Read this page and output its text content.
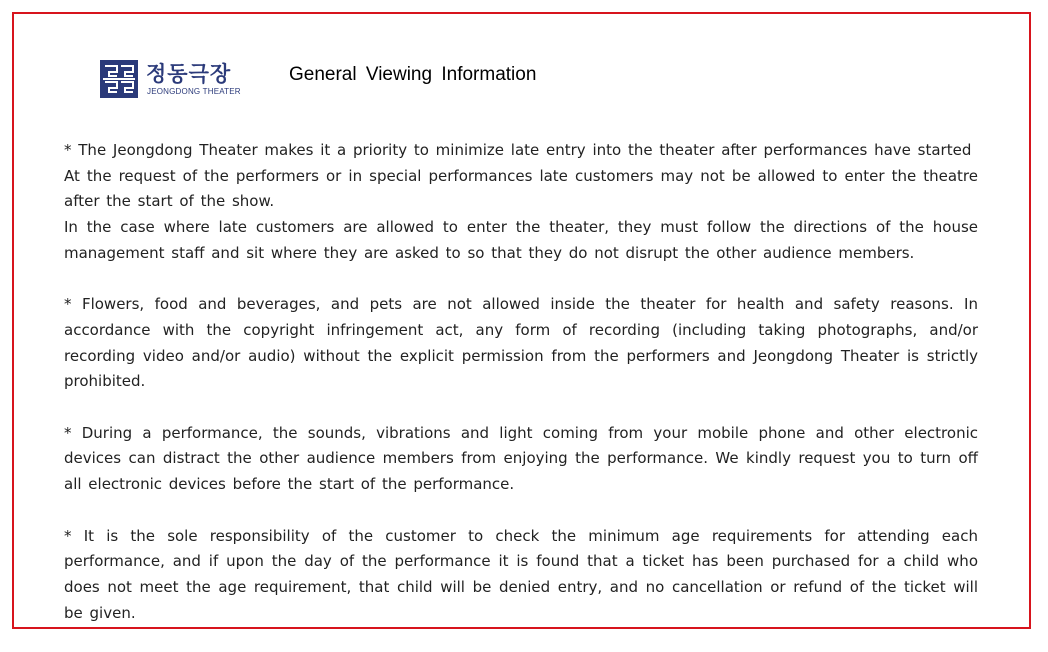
정동극장
JEONGDONG THEATER
General Viewing Information

* The Jeongdong Theater makes it a priority to minimize late entry into the theater after performances have started

At the request of the performers or in special performances late customers may not be allowed to enter the theatre after the start of the show.

In the case where late customers are allowed to enter the theater, they must follow the directions of the house management staff and sit where they are asked to so that they do not disrupt the other audience members.

* Flowers, food and beverages, and pets are not allowed inside the theater for health and safety reasons. In accordance with the copyright infringement act, any form of recording (including taking photographs, and/or recording video and/or audio) without the explicit permission from the performers and Jeongdong Theater is strictly prohibited.

* During a performance, the sounds, vibrations and light coming from your mobile phone and other electronic devices can distract the other audience members from enjoying the performance. We kindly request you to turn off all electronic devices before the start of the performance.

* It is the sole responsibility of the customer to check the minimum age requirements for attending each performance, and if upon the day of the performance it is found that a ticket has been purchased for a child who does not meet the age requirement, that child will be denied entry, and no cancellation or refund of the ticket will be given.
